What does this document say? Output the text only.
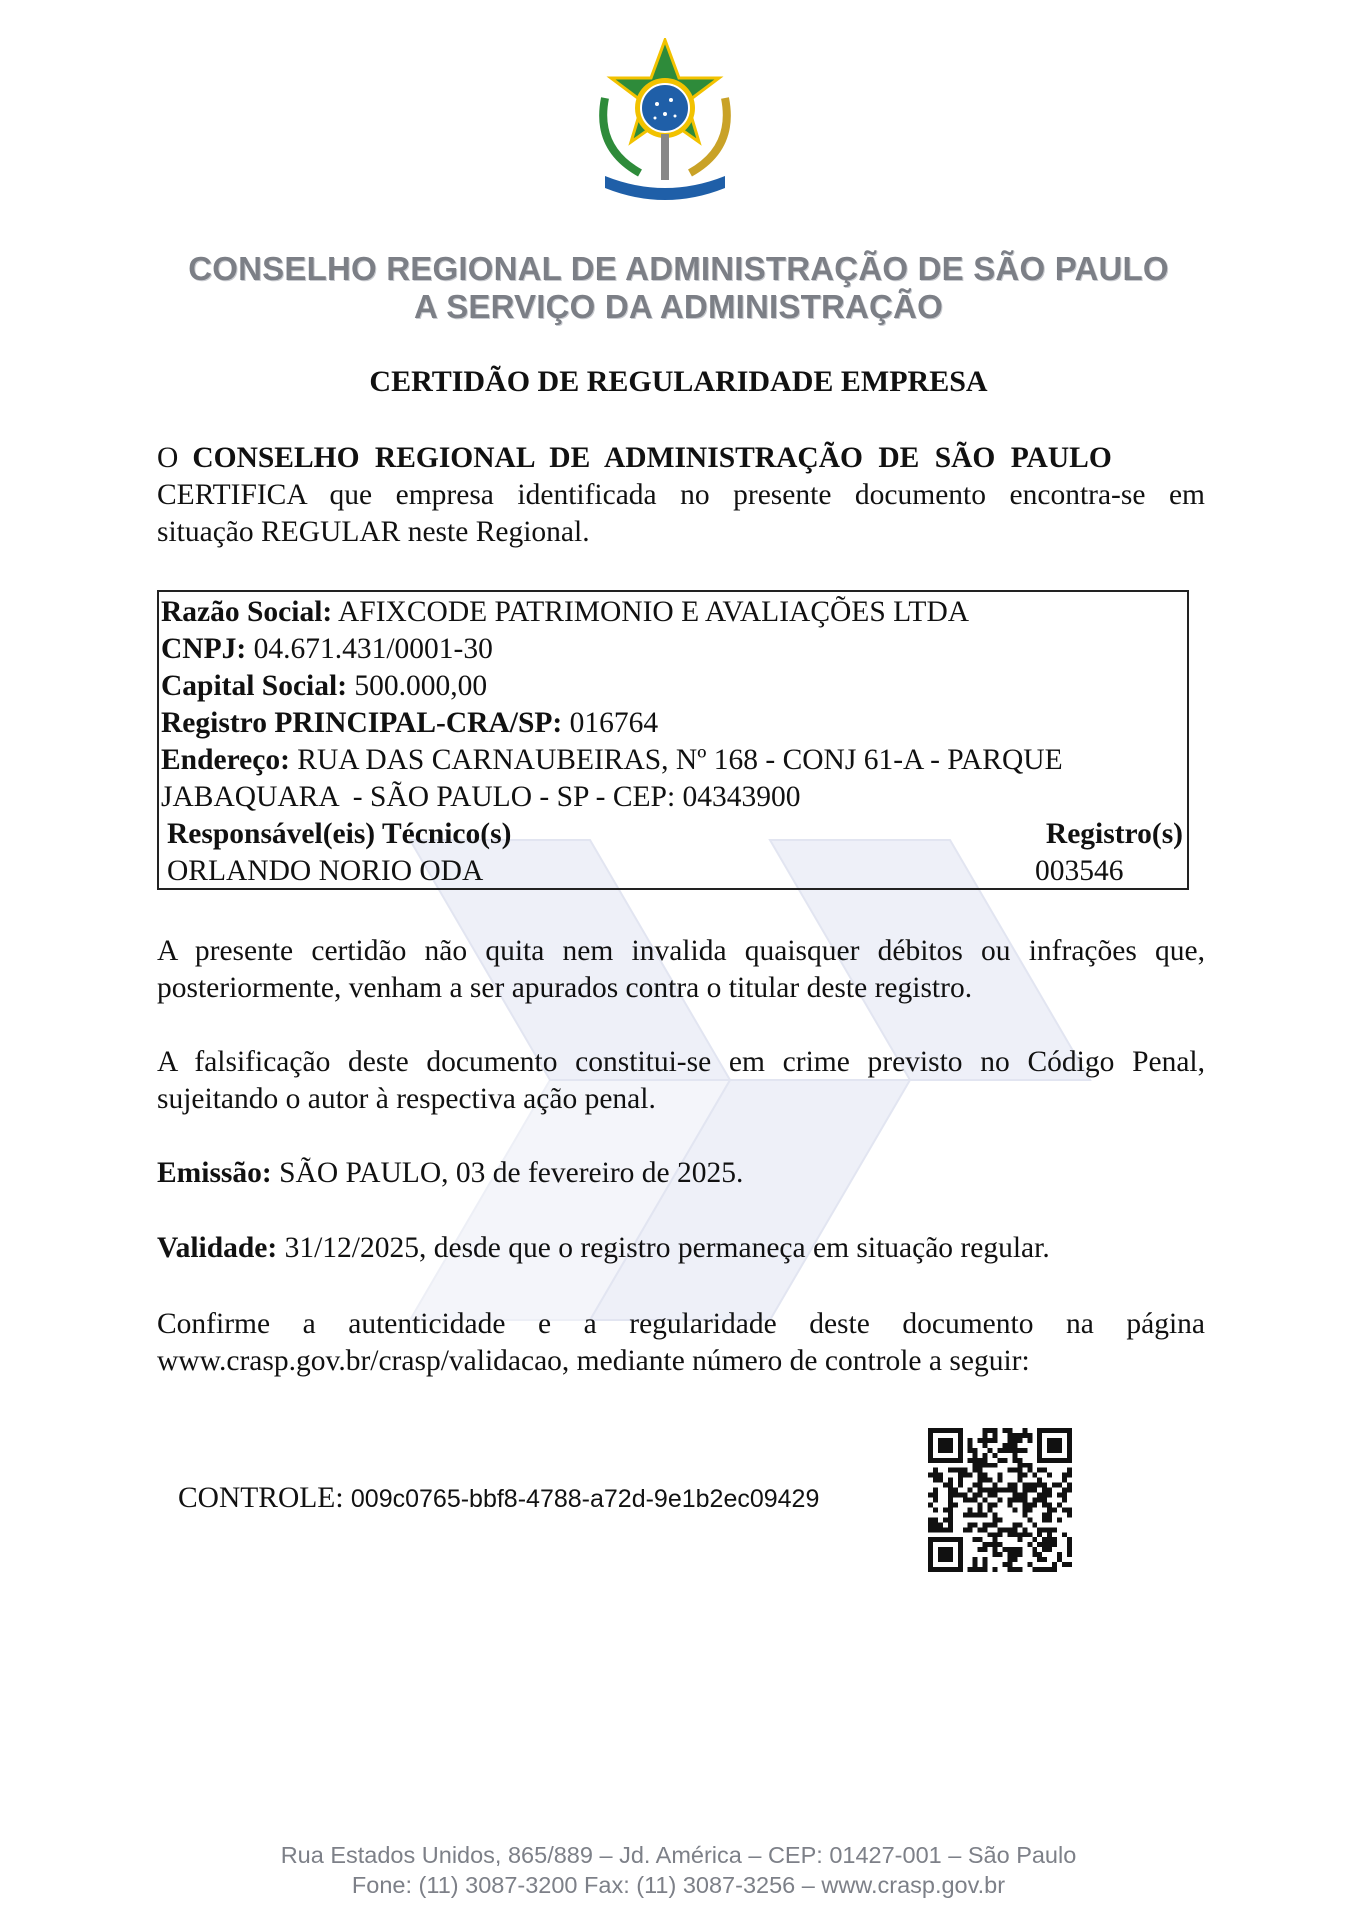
CONSELHO REGIONAL DE ADMINISTRAÇÃO DE SÃO PAULO
A SERVIÇO DA ADMINISTRAÇÃO
CERTIDÃO DE REGULARIDADE EMPRESA
O CONSELHO REGIONAL DE ADMINISTRAÇÃO DE SÃO PAULO
CERTIFICA que empresa identificada no presente documento encontra-se em
situação REGULAR neste Regional.
Razão Social: AFIXCODE PATRIMONIO E AVALIAÇÕES LTDA
CNPJ: 04.671.431/0001-30
Capital Social: 500.000,00
Registro PRINCIPAL-CRA/SP: 016764
Endereço: RUA DAS CARNAUBEIRAS, Nº 168 - CONJ 61-A - PARQUE
JABAQUARA  - SÃO PAULO - SP - CEP: 04343900
Responsável(eis) Técnico(s)	Registro(s)
ORLANDO NORIO ODA	003546
A presente certidão não quita nem invalida quaisquer débitos ou infrações que,
posteriormente, venham a ser apurados contra o titular deste registro.
A falsificação deste documento constitui-se em crime previsto no Código Penal,
sujeitando o autor à respectiva ação penal.
Emissão: SÃO PAULO, 03 de fevereiro de 2025.
Validade: 31/12/2025, desde que o registro permaneça em situação regular.
Confirme a autenticidade e a regularidade deste documento na página
www.crasp.gov.br/crasp/validacao, mediante número de controle a seguir:
CONTROLE: 009c0765-bbf8-4788-a72d-9e1b2ec09429
Rua Estados Unidos, 865/889 – Jd. América – CEP: 01427-001 – São Paulo
Fone: (11) 3087-3200 Fax: (11) 3087-3256 – www.crasp.gov.br
